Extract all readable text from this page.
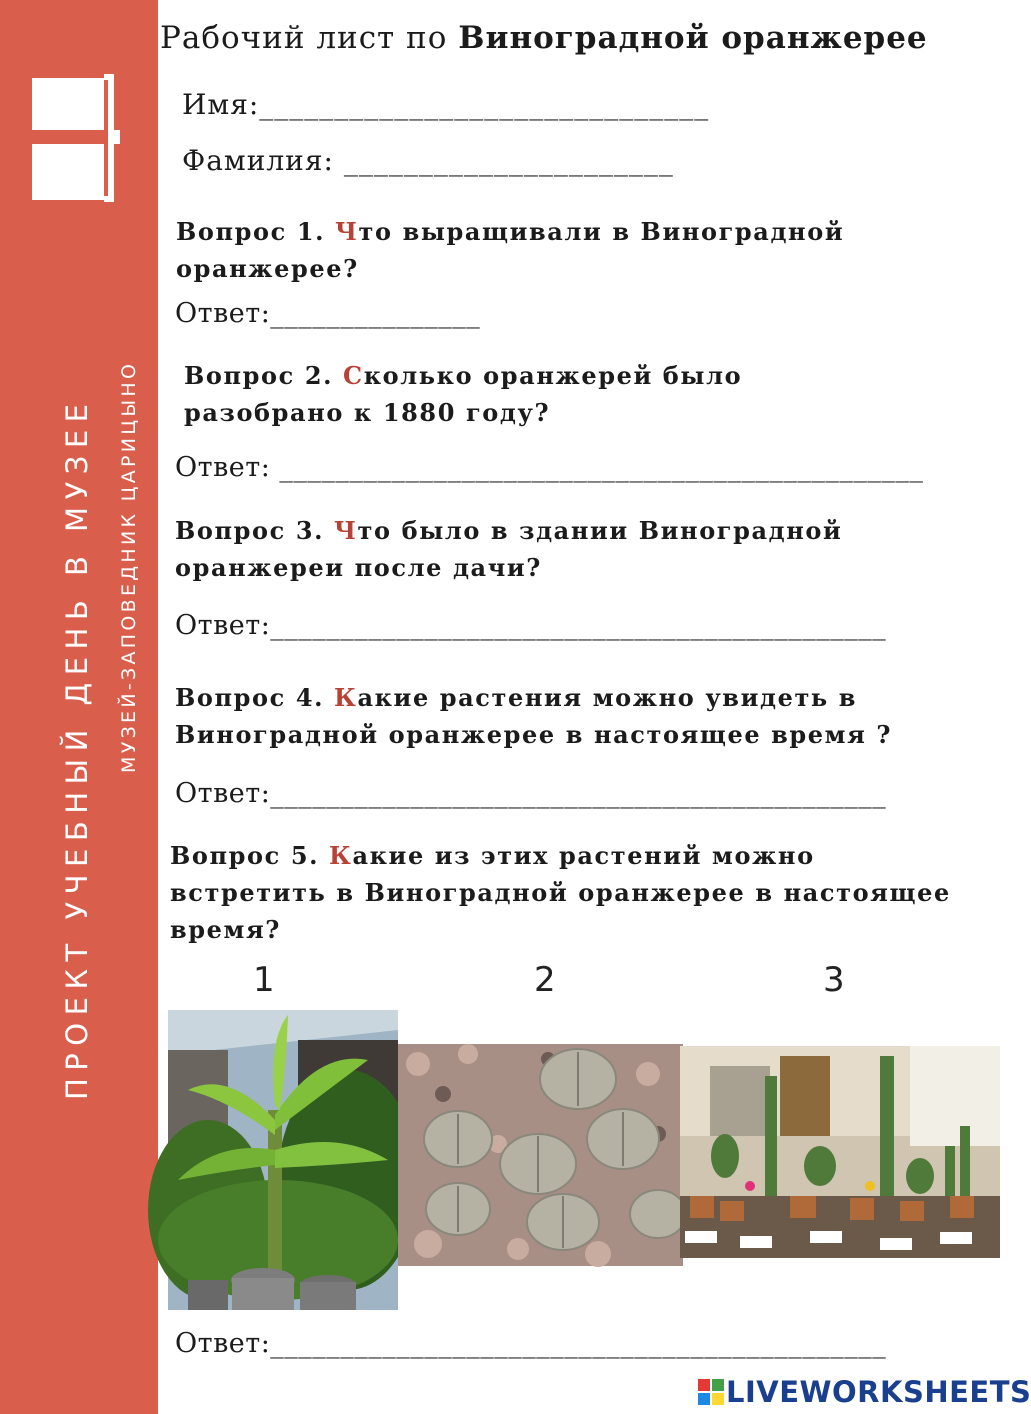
ПРОЕКТ УЧЕБНЫЙ ДЕНЬ В МУЗЕЕ МУЗЕЙ-ЗАПОВЕДНИК ЦАРИЦЫНО
Рабочий лист по Виноградной оранжерее
Имя:______________________________
Фамилия: ______________________
Вопрос 1. Что выращивали в Виноградной
оранжерее?
Ответ:_______________
Вопрос 2. Сколько оранжерей было
разобрано к 1880 году?
Ответ: ______________________________________________
Вопрос 3. Что было в здании Виноградной
оранжереи после дачи?
Ответ:____________________________________________
Вопрос 4. Какие растения можно увидеть в
Виноградной оранжерее в настоящее время ?
Ответ:____________________________________________
Вопрос 5. Какие из этих растений можно
встретить в Виноградной оранжерее в настоящее
время?
1	2	3
Ответ:____________________________________________
LIVEWORKSHEETS
